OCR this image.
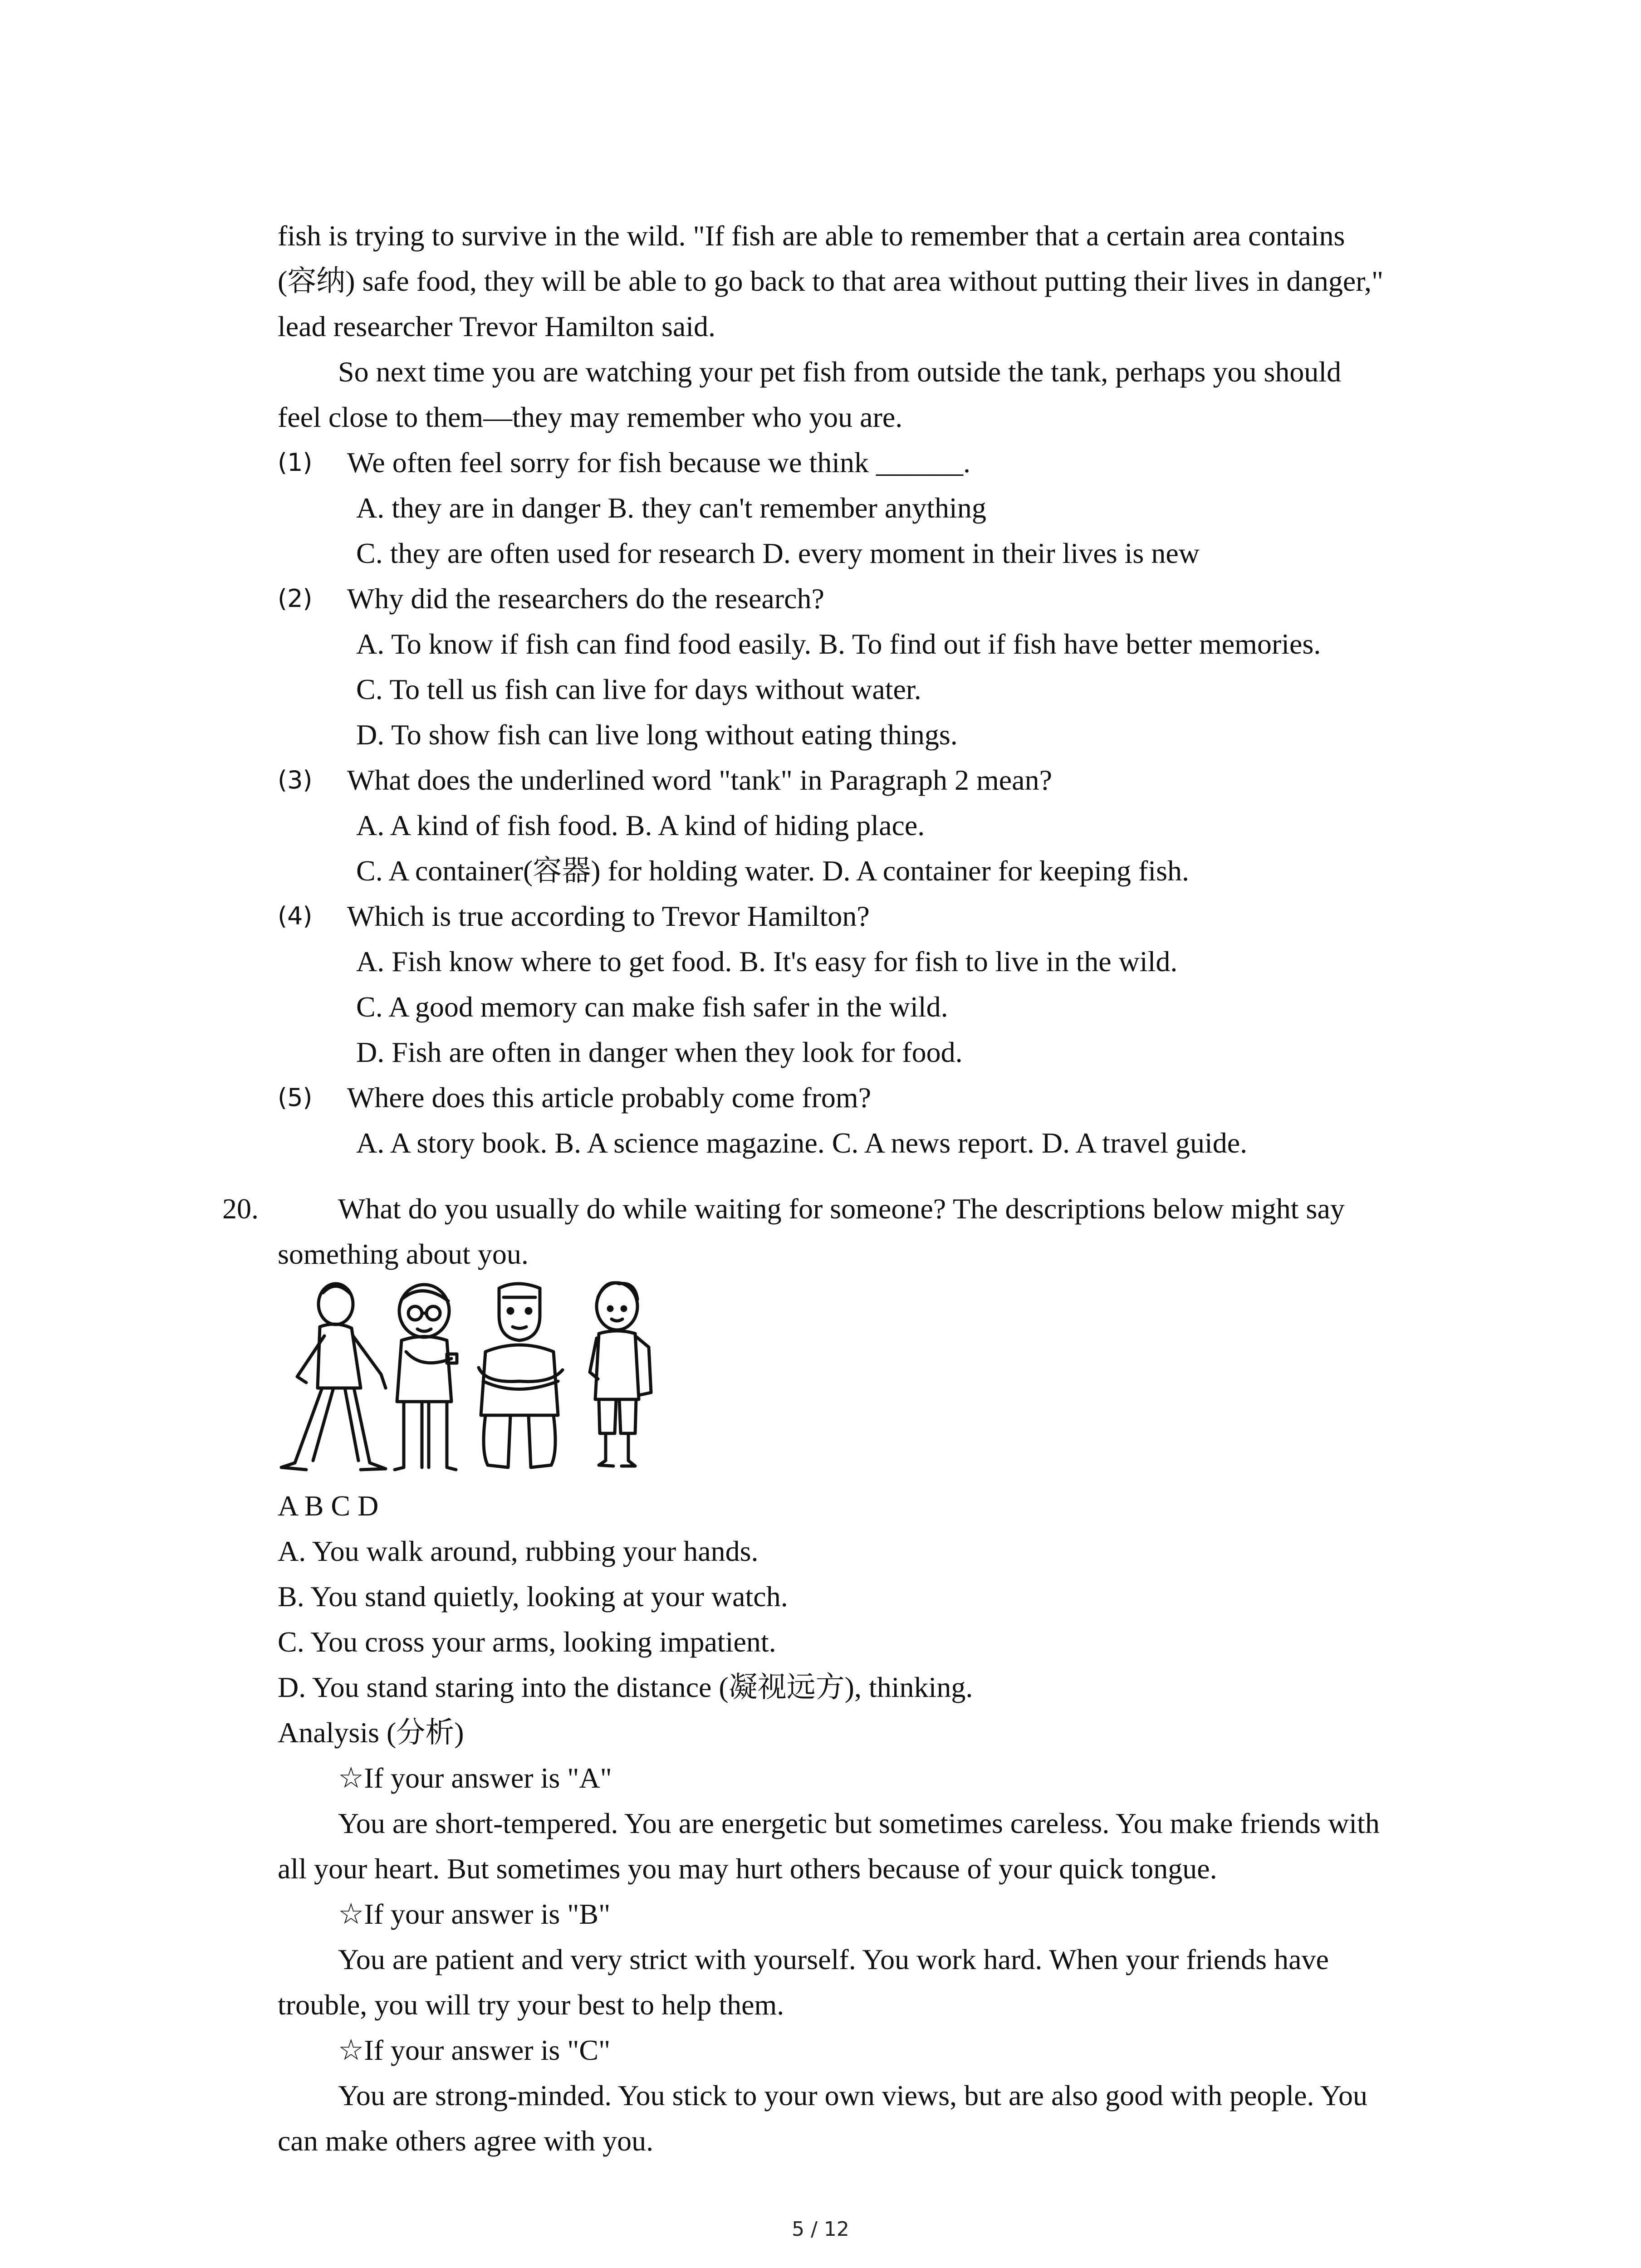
fish is trying to survive in the wild. "If fish are able to remember that a certain area contains
(容纳) safe food, they will be able to go back to that area without putting their lives in danger,"
lead researcher Trevor Hamilton said.
So next time you are watching your pet fish from outside the tank, perhaps you should
feel close to them—they may remember who you are.
(1) We often feel sorry for fish because we think ______.
A. they are in danger B. they can't remember anything
C. they are often used for research D. every moment in their lives is new
(2) Why did the researchers do the research?
A. To know if fish can find food easily. B. To find out if fish have better memories.
C. To tell us fish can live for days without water.
D. To show fish can live long without eating things.
(3) What does the underlined word "tank" in Paragraph 2 mean?
A. A kind of fish food. B. A kind of hiding place.
C. A container(容器) for holding water. D. A container for keeping fish.
(4) Which is true according to Trevor Hamilton?
A. Fish know where to get food. B. It's easy for fish to live in the wild.
C. A good memory can make fish safer in the wild.
D. Fish are often in danger when they look for food.
(5) Where does this article probably come from?
A. A story book. B. A science magazine. C. A news report. D. A travel guide.
20.	What do you usually do while waiting for someone? The descriptions below might say
something about you.
A B C D
A. You walk around, rubbing your hands.
B. You stand quietly, looking at your watch.
C. You cross your arms, looking impatient.
D. You stand staring into the distance (凝视远方), thinking.
Analysis (分析)
☆If your answer is "A"
You are short-tempered. You are energetic but sometimes careless. You make friends with
all your heart. But sometimes you may hurt others because of your quick tongue.
☆If your answer is "B"
You are patient and very strict with yourself. You work hard. When your friends have
trouble, you will try your best to help them.
☆If your answer is "C"
You are strong-minded. You stick to your own views, but are also good with people. You
can make others agree with you.
5 / 12
